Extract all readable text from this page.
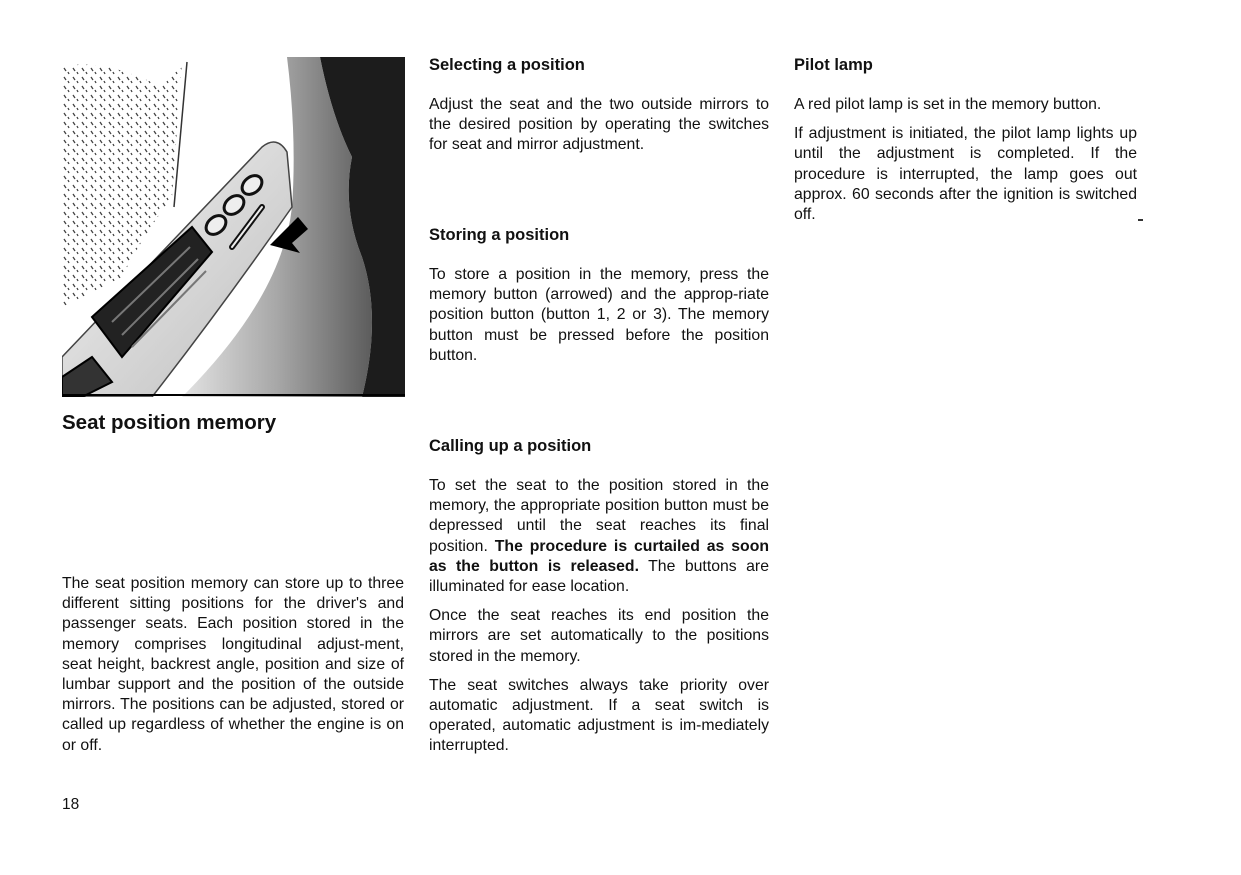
Seat position memory

The seat position memory can store up to three different sitting positions for the driver's and passenger seats. Each position stored in the memory comprises longitudinal adjust-ment, seat height, backrest angle, position and size of lumbar support and the position of the outside mirrors. The positions can be adjusted, stored or called up regardless of whether the engine is on or off.

Selecting a position

Adjust the seat and the two outside mirrors to the desired position by operating the switches for seat and mirror adjustment.

Storing a position

To store a position in the memory, press the memory button (arrowed) and the approp-riate position button (button 1, 2 or 3). The memory button must be pressed before the position button.

Calling up a position

To set the seat to the position stored in the memory, the appropriate position button must be depressed until the seat reaches its final position. The procedure is curtailed as soon as the button is released. The buttons are illuminated for ease location.

Once the seat reaches its end position the mirrors are set automatically to the positions stored in the memory.

The seat switches always take priority over automatic adjustment. If a seat switch is operated, automatic adjustment is im-mediately interrupted.

Pilot lamp

A red pilot lamp is set in the memory button.

If adjustment is initiated, the pilot lamp lights up until the adjustment is completed. If the procedure is interrupted, the lamp goes out approx. 60 seconds after the ignition is switched off.

18
